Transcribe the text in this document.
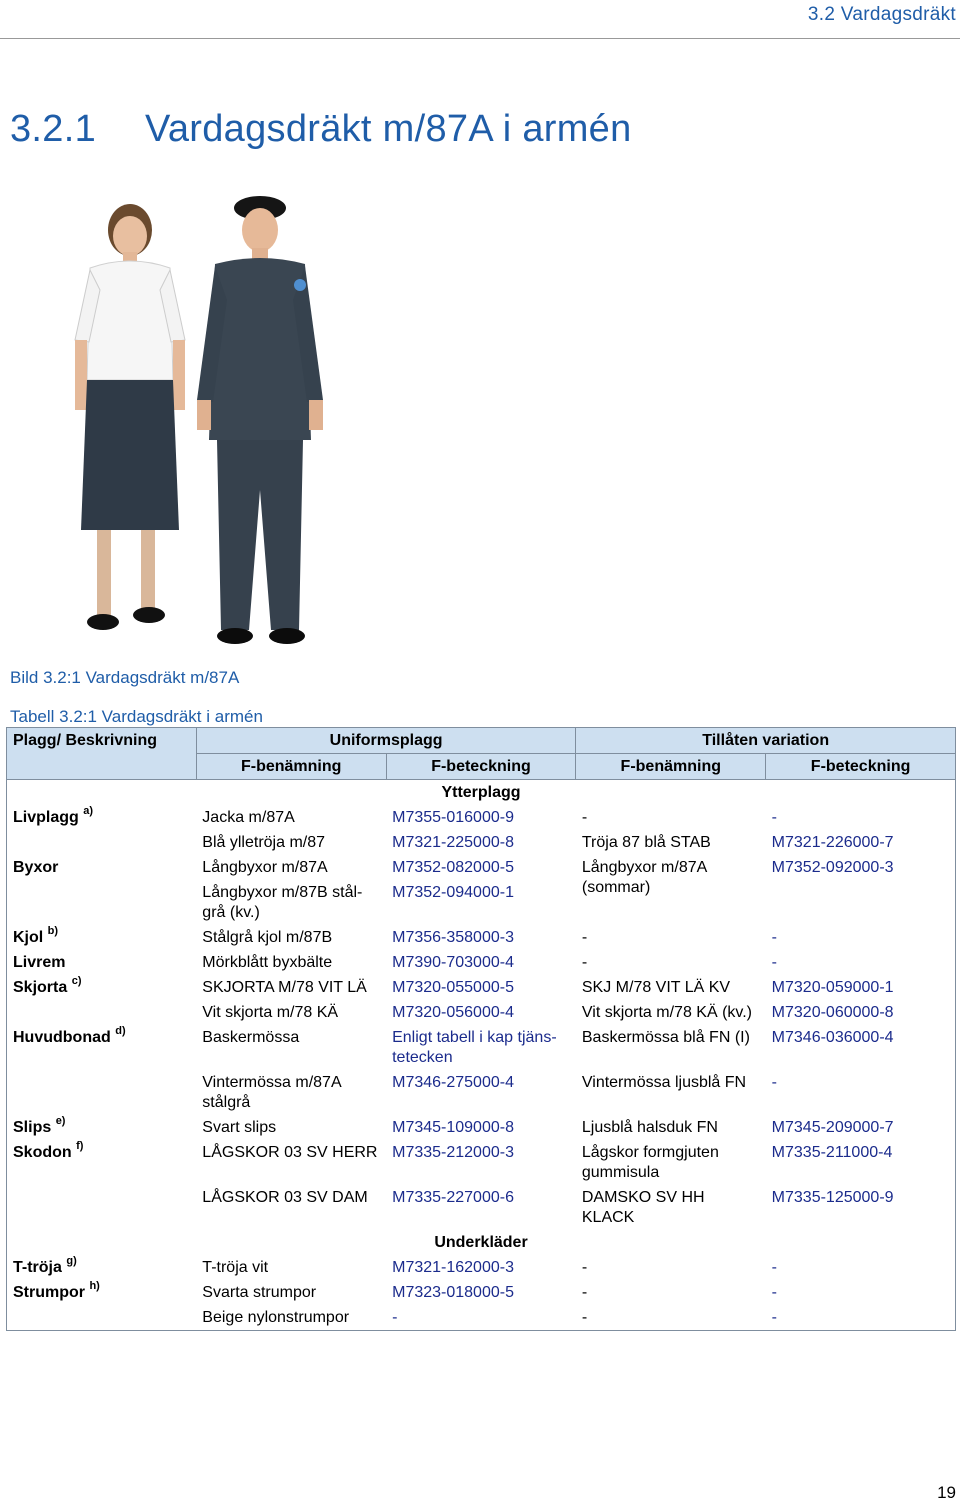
3.2 Vardagsdräkt
3.2.1 Vardagsdräkt m/87A i armén
Bild 3.2:1 Vardagsdräkt m/87A
Tabell 3.2:1 Vardagsdräkt i armén
Plagg/ Beskrivning	Uniformsplagg		Tillåten variation	
	F-benämning	F-beteckning	F-benämning	F-beteckning
Ytterplagg				
Livplagg $^{a)}$	Jacka m/87A	M7355-016000-9	-	-
	Blå ylletröja m/87	M7321-225000-8	Tröja 87 blå STAB	M7321-226000-7
Byxor	Långbyxor m/87A	M7352-082000-5	Långbyxor m/87A (sommar)	M7352-092000-3
	Långbyxor m/87B stål-grå (kv.)	M7352-094000-1		
Kjol $^{b)}$	Stålgrå kjol m/87B	M7356-358000-3	-	-
Livrem	Mörkblått byxbälte	M7390-703000-4	-	-
Skjorta $^{c)}$	SKJORTA M/78 VIT LÄ	M7320-055000-5	SKJ M/78 VIT LÄ KV	M7320-059000-1
	Vit skjorta m/78 KÄ	M7320-056000-4	Vit skjorta m/78 KÄ (kv.)	M7320-060000-8
Huvudbonad $^{d)}$	Baskermössa	Enligt tabell i kap tjäns-tetecken	Baskermössa blå FN (I)	M7346-036000-4
	Vintermössa m/87A stålgrå	M7346-275000-4	Vintermössa ljusblå FN	-
Slips $^{e)}$	Svart slips	M7345-109000-8	Ljusblå halsduk FN	M7345-209000-7
Skodon $^{f)}$	LÅGSKOR 03 SV HERR	M7335-212000-3	Lågskor formgjuten gummisula	M7335-211000-4
	LÅGSKOR 03 SV DAM	M7335-227000-6	DAMSKO SV HH KLACK	M7335-125000-9
Underkläder				
T-tröja $^{g)}$	T-tröja vit	M7321-162000-3	-	-
Strumpor $^{h)}$	Svarta strumpor	M7323-018000-5	-	-
	Beige nylonstrumpor	-	-	-
19
